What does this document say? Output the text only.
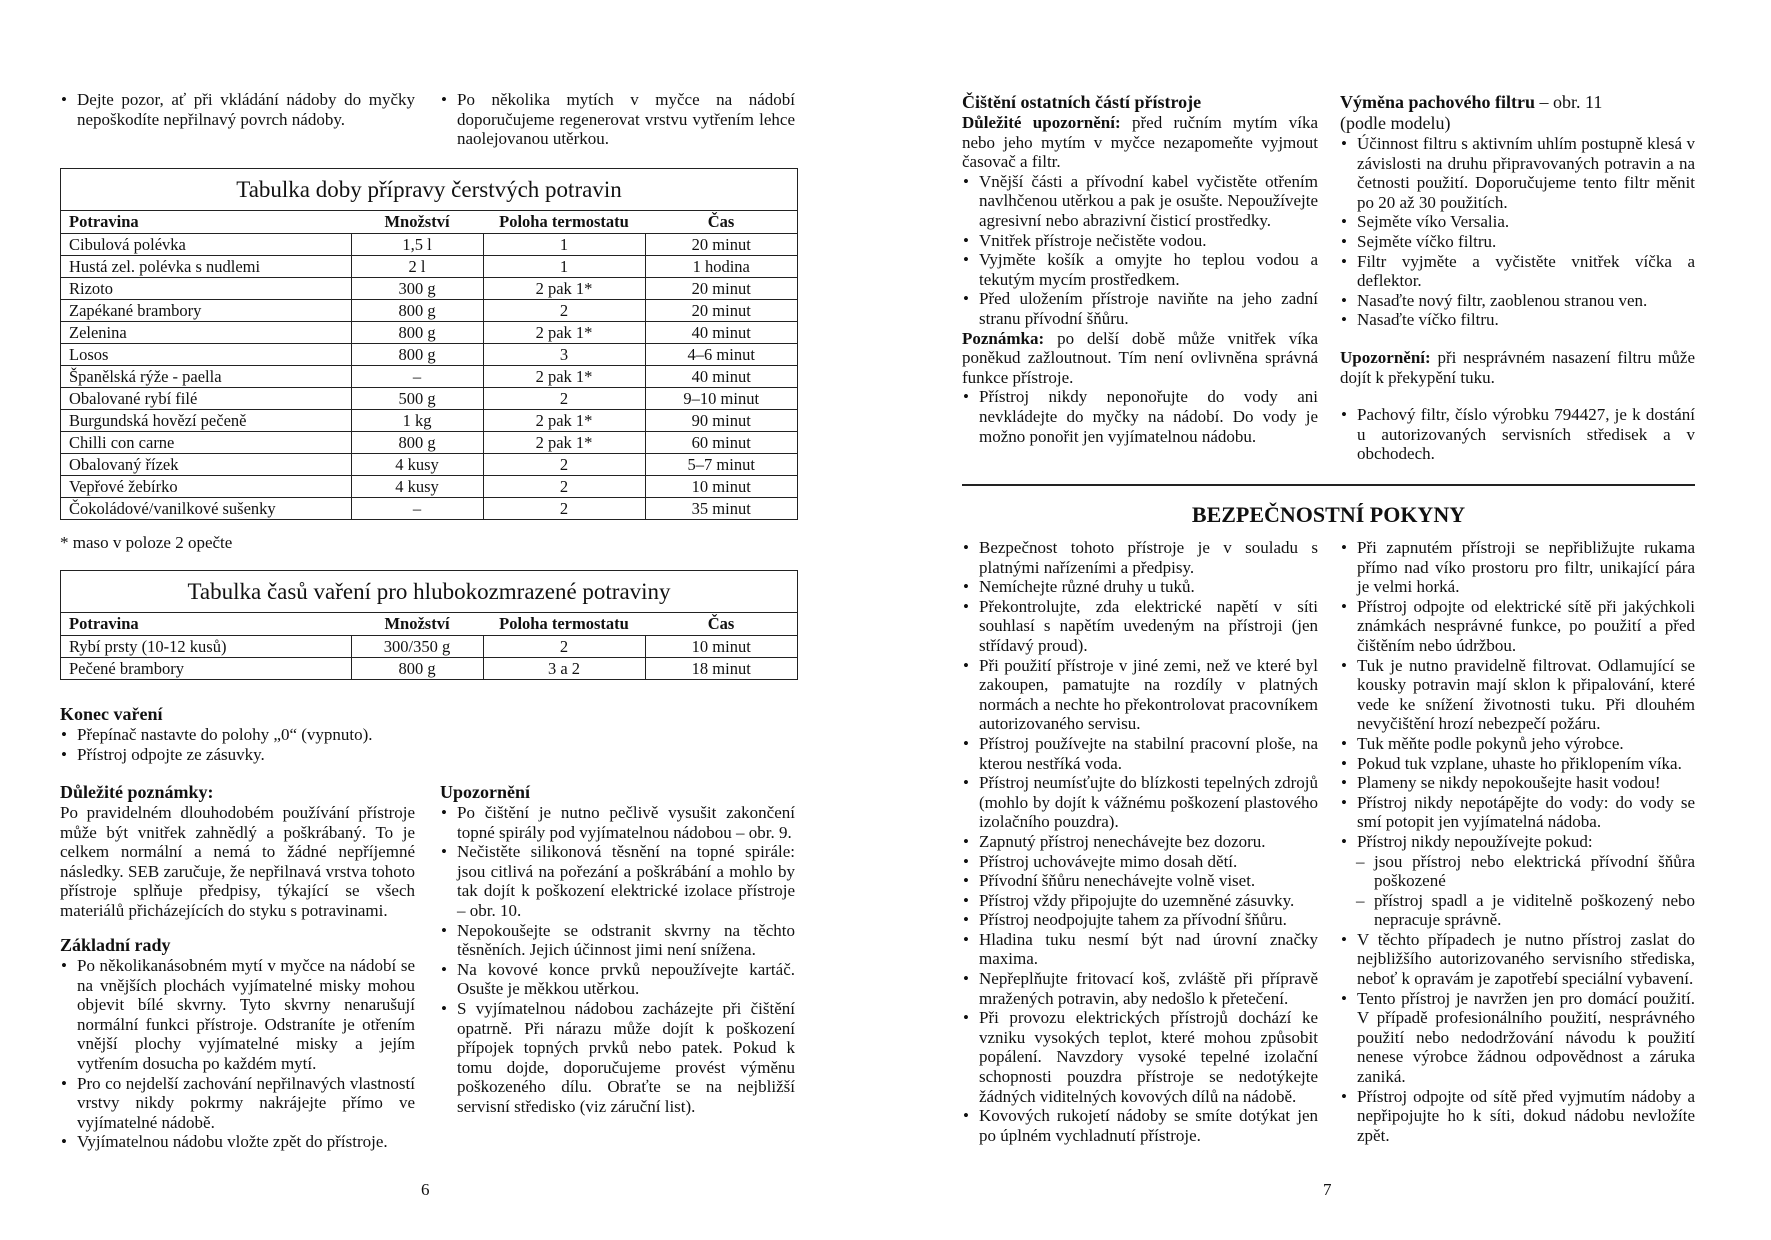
• Dejte pozor, ať při vkládání nádoby do myčky nepoškodíte nepřilnavý povrch nádoby.
• Po několika mytích v myčce na nádobí doporučujeme regenerovat vrstvu vytřením lehce naolejovanou utěrkou.
Tabulka doby přípravy čerstvých potravin
Potravina	Množství	Poloha termostatu	Čas
Cibulová polévka	1,5 l	1	20 minut
Hustá zel. polévka s nudlemi	2 l	1	1 hodina
Rizoto	300 g	2 pak 1*	20 minut
Zapékané brambory	800 g	2	20 minut
Zelenina	800 g	2 pak 1*	40 minut
Losos	800 g	3	4–6 minut
Španělská rýže - paella	–	2 pak 1*	40 minut
Obalované rybí filé	500 g	2	9–10 minut
Burgundská hovězí pečeně	1 kg	2 pak 1*	90 minut
Chilli con carne	800 g	2 pak 1*	60 minut
Obalovaný řízek	4 kusy	2	5–7 minut
Vepřové žebírko	4 kusy	2	10 minut
Čokoládové/vanilkové sušenky	–	2	35 minut
* maso v poloze 2 opečte
Tabulka časů vaření pro hlubokozmrazené potraviny
Potravina	Množství	Poloha termostatu	Čas
Rybí prsty (10-12 kusů)	300/350 g	2	10 minut
Pečené brambory	800 g	3 a 2	18 minut
Konec vaření
• Přepínač nastavte do polohy „0“ (vypnuto).
• Přístroj odpojte ze zásuvky.
Důležité poznámky:
Po pravidelném dlouhodobém používání přístroje může být vnitřek zahnědlý a poškrábaný. To je celkem normální a nemá to žádné nepříjemné následky. SEB zaručuje, že nepřilnavá vrstva tohoto přístroje splňuje předpisy, týkající se všech materiálů přicházejících do styku s potravinami.
Základní rady
• Po několikanásobném mytí v myčce na nádobí se na vnějších plochách vyjímatelné misky mohou objevit bílé skvrny. Tyto skvrny nenarušují normální funkci přístroje. Odstraníte je otřením vnější plochy vyjímatelné misky a jejím vytřením dosucha po každém mytí.
• Pro co nejdelší zachování nepřilnavých vlastností vrstvy nikdy pokrmy nakrájejte přímo ve vyjímatelné nádobě.
• Vyjímatelnou nádobu vložte zpět do přístroje.
Upozornění
• Po čištění je nutno pečlivě vysušit zakončení topné spirály pod vyjímatelnou nádobou – obr. 9.
• Nečistěte silikonová těsnění na topné spirále: jsou citlivá na pořezání a poškrábání a mohlo by tak dojít k poškození elektrické izolace přístroje – obr. 10.
• Nepokoušejte se odstranit skvrny na těchto těsněních. Jejich účinnost jimi není snížena.
• Na kovové konce prvků nepoužívejte kartáč. Osušte je měkkou utěrkou.
• S vyjímatelnou nádobou zacházejte při čištění opatrně. Při nárazu může dojít k poškození přípojek topných prvků nebo patek. Pokud k tomu dojde, doporučujeme provést výměnu poškozeného dílu. Obraťte se na nejbližší servisní středisko (viz záruční list).
6
Čištění ostatních částí přístroje
Důležité upozornění: před ručním mytím víka nebo jeho mytím v myčce nezapomeňte vyjmout časovač a filtr.
• Vnější části a přívodní kabel vyčistěte otřením navlhčenou utěrkou a pak je osušte. Nepoužívejte agresivní nebo abrazivní čisticí prostředky.
• Vnitřek přístroje nečistěte vodou.
• Vyjměte košík a omyjte ho teplou vodou a tekutým mycím prostředkem.
• Před uložením přístroje naviňte na jeho zadní stranu přívodní šňůru.
Poznámka: po delší době může vnitřek víka poněkud zažloutnout. Tím není ovlivněna správná funkce přístroje.
• Přístroj nikdy neponořujte do vody ani nevkládejte do myčky na nádobí. Do vody je možno ponořit jen vyjímatelnou nádobu.
Výměna pachového filtru – obr. 11
(podle modelu)
• Účinnost filtru s aktivním uhlím postupně klesá v závislosti na druhu připravovaných potravin a na četnosti použití. Doporučujeme tento filtr měnit po 20 až 30 použitích.
• Sejměte víko Versalia.
• Sejměte víčko filtru.
• Filtr vyjměte a vyčistěte vnitřek víčka a deflektor.
• Nasaďte nový filtr, zaoblenou stranou ven.
• Nasaďte víčko filtru.
Upozornění: při nesprávném nasazení filtru může dojít k překypění tuku.
• Pachový filtr, číslo výrobku 794427, je k dostání u autorizovaných servisních středisek a v obchodech.
BEZPEČNOSTNÍ POKYNY
• Bezpečnost tohoto přístroje je v souladu s platnými nařízeními a předpisy.
• Nemíchejte různé druhy u tuků.
• Překontrolujte, zda elektrické napětí v síti souhlasí s napětím uvedeným na přístroji (jen střídavý proud).
• Při použití přístroje v jiné zemi, než ve které byl zakoupen, pamatujte na rozdíly v platných normách a nechte ho překontrolovat pracovníkem autorizovaného servisu.
• Přístroj používejte na stabilní pracovní ploše, na kterou nestříká voda.
• Přístroj neumísťujte do blízkosti tepelných zdrojů (mohlo by dojít k vážnému poškození plastového izolačního pouzdra).
• Zapnutý přístroj nenechávejte bez dozoru.
• Přístroj uchovávejte mimo dosah dětí.
• Přívodní šňůru nenechávejte volně viset.
• Přístroj vždy připojujte do uzemněné zásuvky.
• Přístroj neodpojujte tahem za přívodní šňůru.
• Hladina tuku nesmí být nad úrovní značky maxima.
• Nepřeplňujte fritovací koš, zvláště při přípravě mražených potravin, aby nedošlo k přetečení.
• Při provozu elektrických přístrojů dochází ke vzniku vysokých teplot, které mohou způsobit popálení. Navzdory vysoké tepelné izolační schopnosti pouzdra přístroje se nedotýkejte žádných viditelných kovových dílů na nádobě.
• Kovových rukojetí nádoby se smíte dotýkat jen po úplném vychladnutí přístroje.
• Při zapnutém přístroji se nepřibližujte rukama přímo nad víko prostoru pro filtr, unikající pára je velmi horká.
• Přístroj odpojte od elektrické sítě při jakýchkoli známkách nesprávné funkce, po použití a před čištěním nebo údržbou.
• Tuk je nutno pravidelně filtrovat. Odlamující se kousky potravin mají sklon k připalování, které vede ke snížení životnosti tuku. Při dlouhém nevyčištění hrozí nebezpečí požáru.
• Tuk měňte podle pokynů jeho výrobce.
• Pokud tuk vzplane, uhaste ho přiklopením víka.
• Plameny se nikdy nepokoušejte hasit vodou!
• Přístroj nikdy nepotápějte do vody: do vody se smí potopit jen vyjímatelná nádoba.
• Přístroj nikdy nepoužívejte pokud:
– jsou přístroj nebo elektrická přívodní šňůra poškozené
– přístroj spadl a je viditelně poškozený nebo nepracuje správně.
• V těchto případech je nutno přístroj zaslat do nejbližšího autorizovaného servisního střediska, neboť k opravám je zapotřebí speciální vybavení.
• Tento přístroj je navržen jen pro domácí použití. V případě profesionálního použití, nesprávného použití nebo nedodržování návodu k použití nenese výrobce žádnou odpovědnost a záruka zaniká.
• Přístroj odpojte od sítě před vyjmutím nádoby a nepřipojujte ho k síti, dokud nádobu nevložíte zpět.
7
